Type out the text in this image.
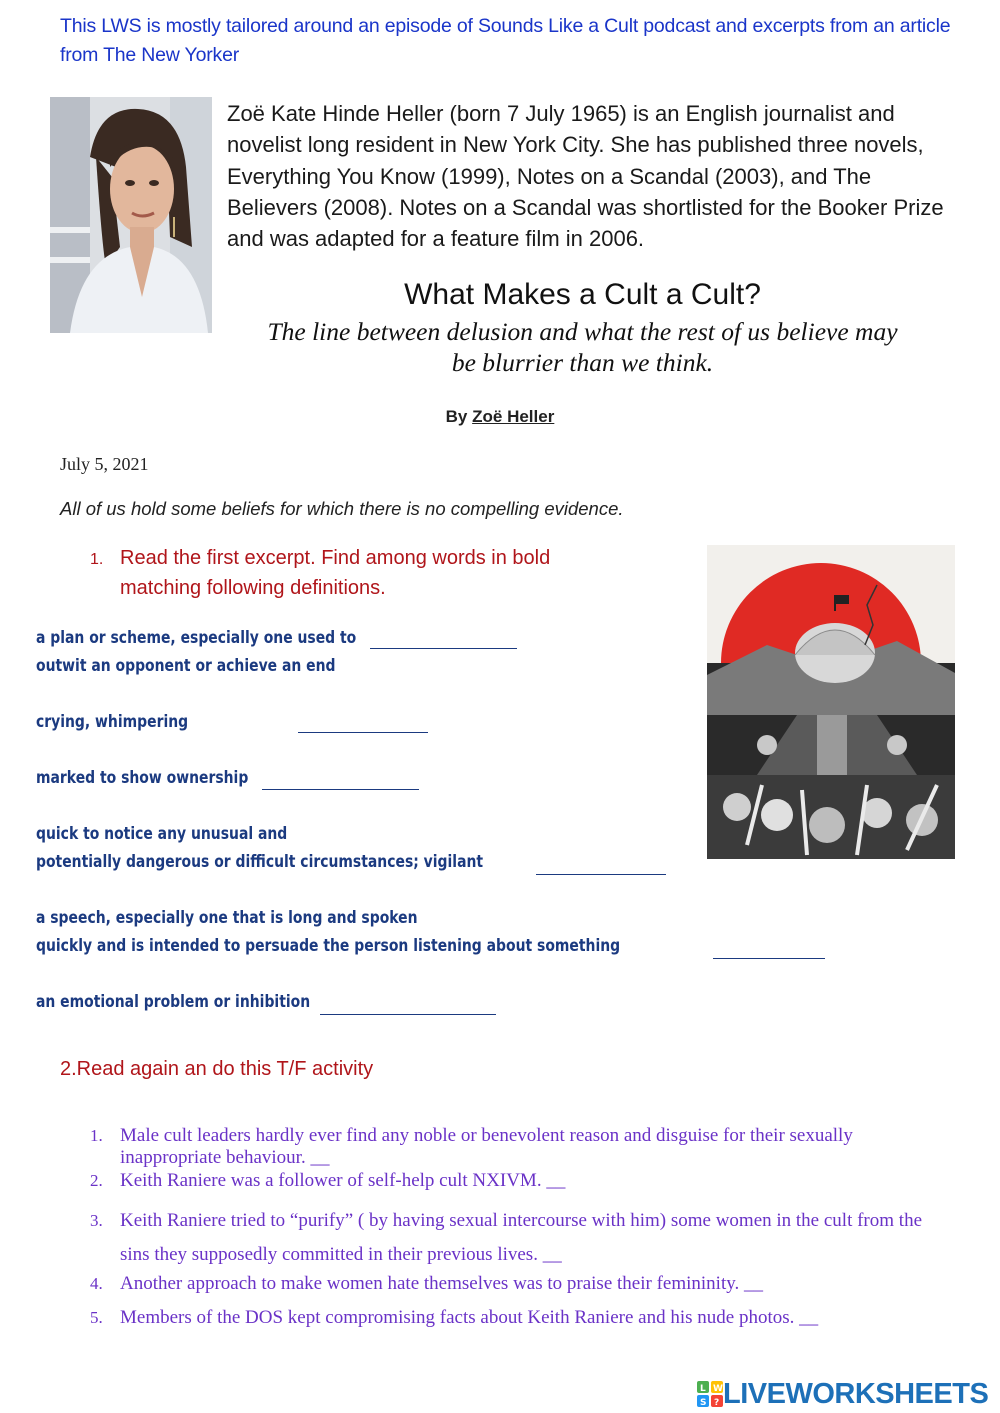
This LWS is mostly tailored around an episode of Sounds Like a Cult podcast and excerpts from an article from The New Yorker
Zoë Kate Hinde Heller (born 7 July 1965) is an English journalist and novelist long resident in New York City. She has published three novels, Everything You Know (1999), Notes on a Scandal (2003), and The Believers (2008). Notes on a Scandal was shortlisted for the Booker Prize and was adapted for a feature film in 2006.
What Makes a Cult a Cult?
The line between delusion and what the rest of us believe may
be blurrier than we think.
By Zoë Heller
July 5, 2021
All of us hold some beliefs for which there is no compelling evidence.
1. Read the first excerpt. Find among words in bold
matching following definitions.
a plan or scheme, especially one used to
outwit an opponent or achieve an end
crying, whimpering
marked to show ownership
quick to notice any unusual and
potentially dangerous or difficult circumstances; vigilant
a speech, especially one that is long and spoken
quickly and is intended to persuade the person listening about something
an emotional problem or inhibition
2.Read again an do this T/F activity
1. Male cult leaders hardly ever find any noble or benevolent reason and disguise for their sexually inappropriate behaviour. __
2. Keith Raniere was a follower of self-help cult NXIVM. __
3. Keith Raniere tried to “purify” ( by having sexual intercourse with him) some women in the cult from the sins they supposedly committed in their previous lives. __
4. Another approach to make women hate themselves was to praise their femininity. __
5. Members of the DOS kept compromising facts about Keith Raniere and his nude photos. __
L W
S ? LIVEWORKSHEETS
